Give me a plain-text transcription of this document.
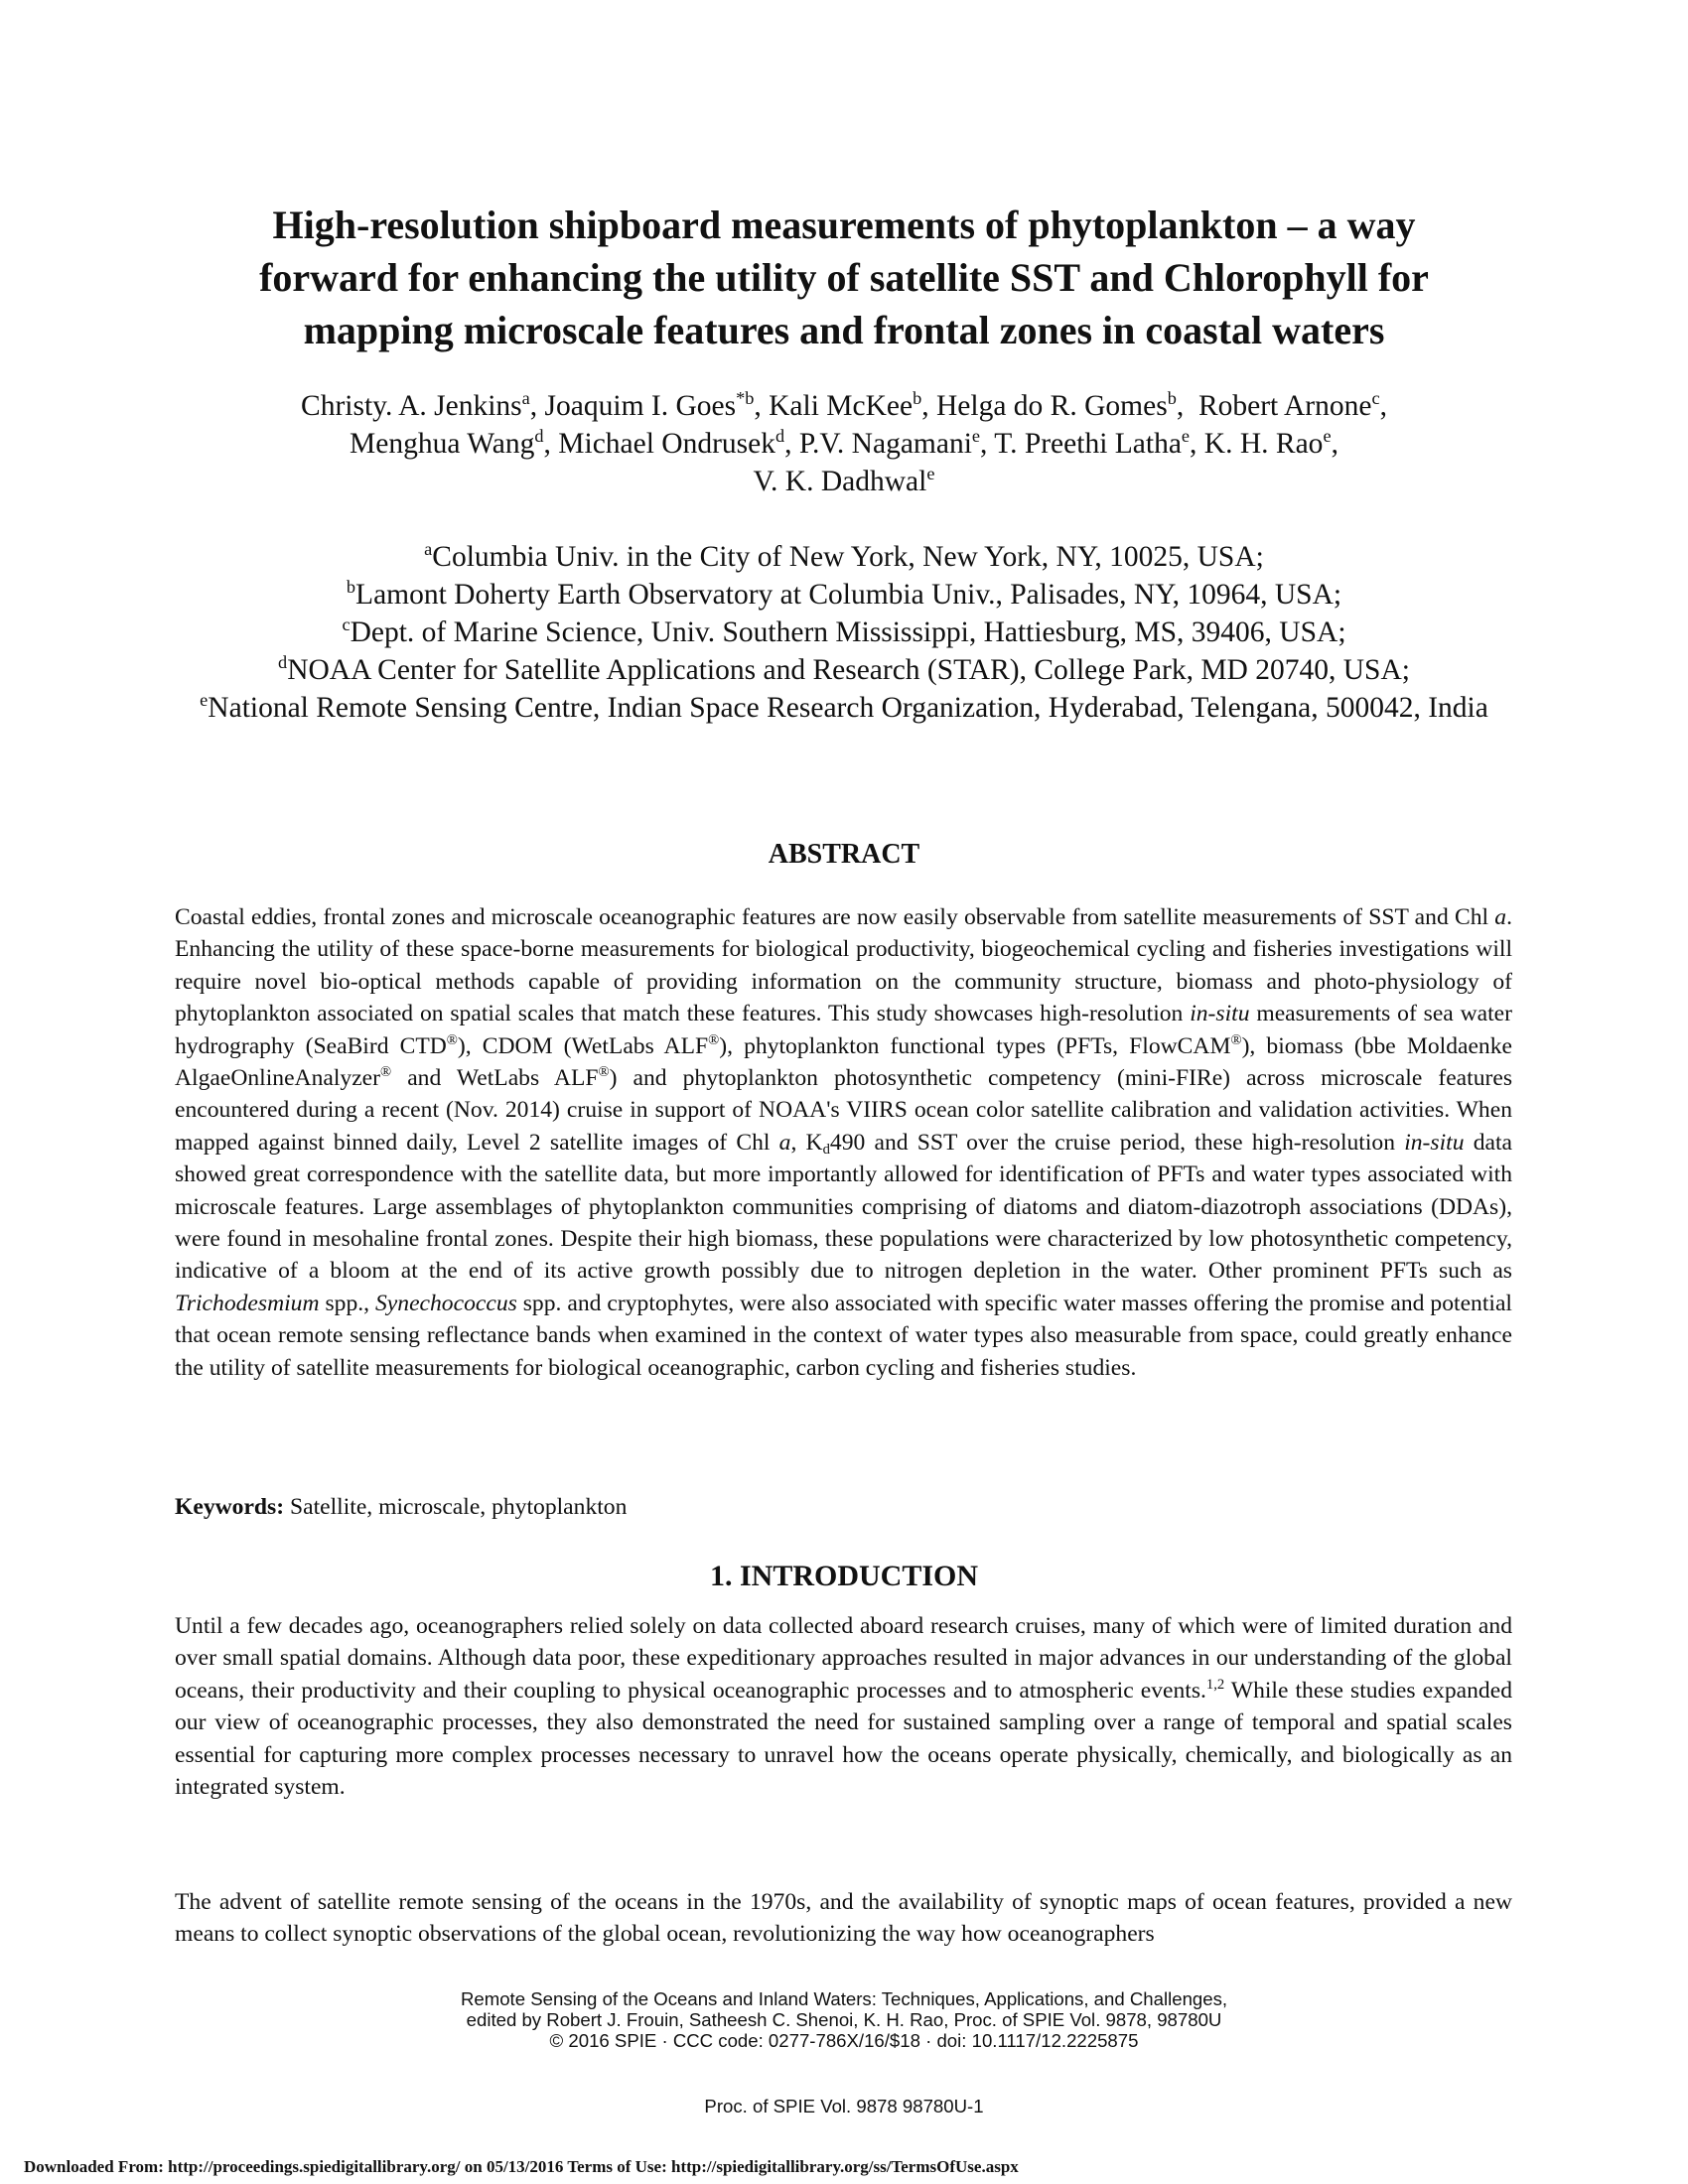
High-resolution shipboard measurements of phytoplankton – a way
forward for enhancing the utility of satellite SST and Chlorophyll for
mapping microscale features and frontal zones in coastal waters
Christy. A. Jenkins$^a$, Joaquim I. Goes$^{*b}$, Kali McKee$^b$, Helga do R. Gomes$^b$,  Robert Arnone$^c$,
Menghua Wang$^d$, Michael Ondrusek$^d$, P.V. Nagamani$^e$, T. Preethi Latha$^e$, K. H. Rao$^e$,
V. K. Dadhwal$^e$
$^a$Columbia Univ. in the City of New York, New York, NY, 10025, USA;
$^b$Lamont Doherty Earth Observatory at Columbia Univ., Palisades, NY, 10964, USA;
$^c$Dept. of Marine Science, Univ. Southern Mississippi, Hattiesburg, MS, 39406, USA;
$^d$NOAA Center for Satellite Applications and Research (STAR), College Park, MD 20740, USA;
$^e$National Remote Sensing Centre, Indian Space Research Organization, Hyderabad, Telengana, 500042, India
ABSTRACT

Coastal eddies, frontal zones and microscale oceanographic features are now easily observable from satellite measurements of SST and Chl a. Enhancing the utility of these space-borne measurements for biological productivity, biogeochemical cycling and fisheries investigations will require novel bio-optical methods capable of providing information on the community structure, biomass and photo-physiology of phytoplankton associated on spatial scales that match these features. This study showcases high-resolution in-situ measurements of sea water hydrography (SeaBird CTD®), CDOM (WetLabs ALF®), phytoplankton functional types (PFTs, FlowCAM®), biomass (bbe Moldaenke AlgaeOnlineAnalyzer® and WetLabs ALF®) and phytoplankton photosynthetic competency (mini-FIRe) across microscale features encountered during a recent (Nov. 2014) cruise in support of NOAA's VIIRS ocean color satellite calibration and validation activities. When mapped against binned daily, Level 2 satellite images of Chl a, $K_d490$ and SST over the cruise period, these high-resolution in-situ data showed great correspondence with the satellite data, but more importantly allowed for identification of PFTs and water types associated with microscale features. Large assemblages of phytoplankton communities comprising of diatoms and diatom-diazotroph associations (DDAs), were found in mesohaline frontal zones. Despite their high biomass, these populations were characterized by low photosynthetic competency, indicative of a bloom at the end of its active growth possibly due to nitrogen depletion in the water. Other prominent PFTs such as Trichodesmium spp., Synechococcus spp. and cryptophytes, were also associated with specific water masses offering the promise and potential that ocean remote sensing reflectance bands when examined in the context of water types also measurable from space, could greatly enhance the utility of satellite measurements for biological oceanographic, carbon cycling and fisheries studies.

Keywords: Satellite, microscale, phytoplankton

1. INTRODUCTION

Until a few decades ago, oceanographers relied solely on data collected aboard research cruises, many of which were of limited duration and over small spatial domains. Although data poor, these expeditionary approaches resulted in major advances in our understanding of the global oceans, their productivity and their coupling to physical oceanographic processes and to atmospheric events.$^{1,2}$ While these studies expanded our view of oceanographic processes, they also demonstrated the need for sustained sampling over a range of temporal and spatial scales essential for capturing more complex processes necessary to unravel how the oceans operate physically, chemically, and biologically as an integrated system.

The advent of satellite remote sensing of the oceans in the 1970s, and the availability of synoptic maps of ocean features, provided a new means to collect synoptic observations of the global ocean, revolutionizing the way how oceanographers

Remote Sensing of the Oceans and Inland Waters: Techniques, Applications, and Challenges,
edited by Robert J. Frouin, Satheesh C. Shenoi, K. H. Rao, Proc. of SPIE Vol. 9878, 98780U
© 2016 SPIE · CCC code: 0277-786X/16/$18 · doi: 10.1117/12.2225875
Proc. of SPIE Vol. 9878 98780U-1
Downloaded From: http://proceedings.spiedigitallibrary.org/ on 05/13/2016 Terms of Use: http://spiedigitallibrary.org/ss/TermsOfUse.aspx
